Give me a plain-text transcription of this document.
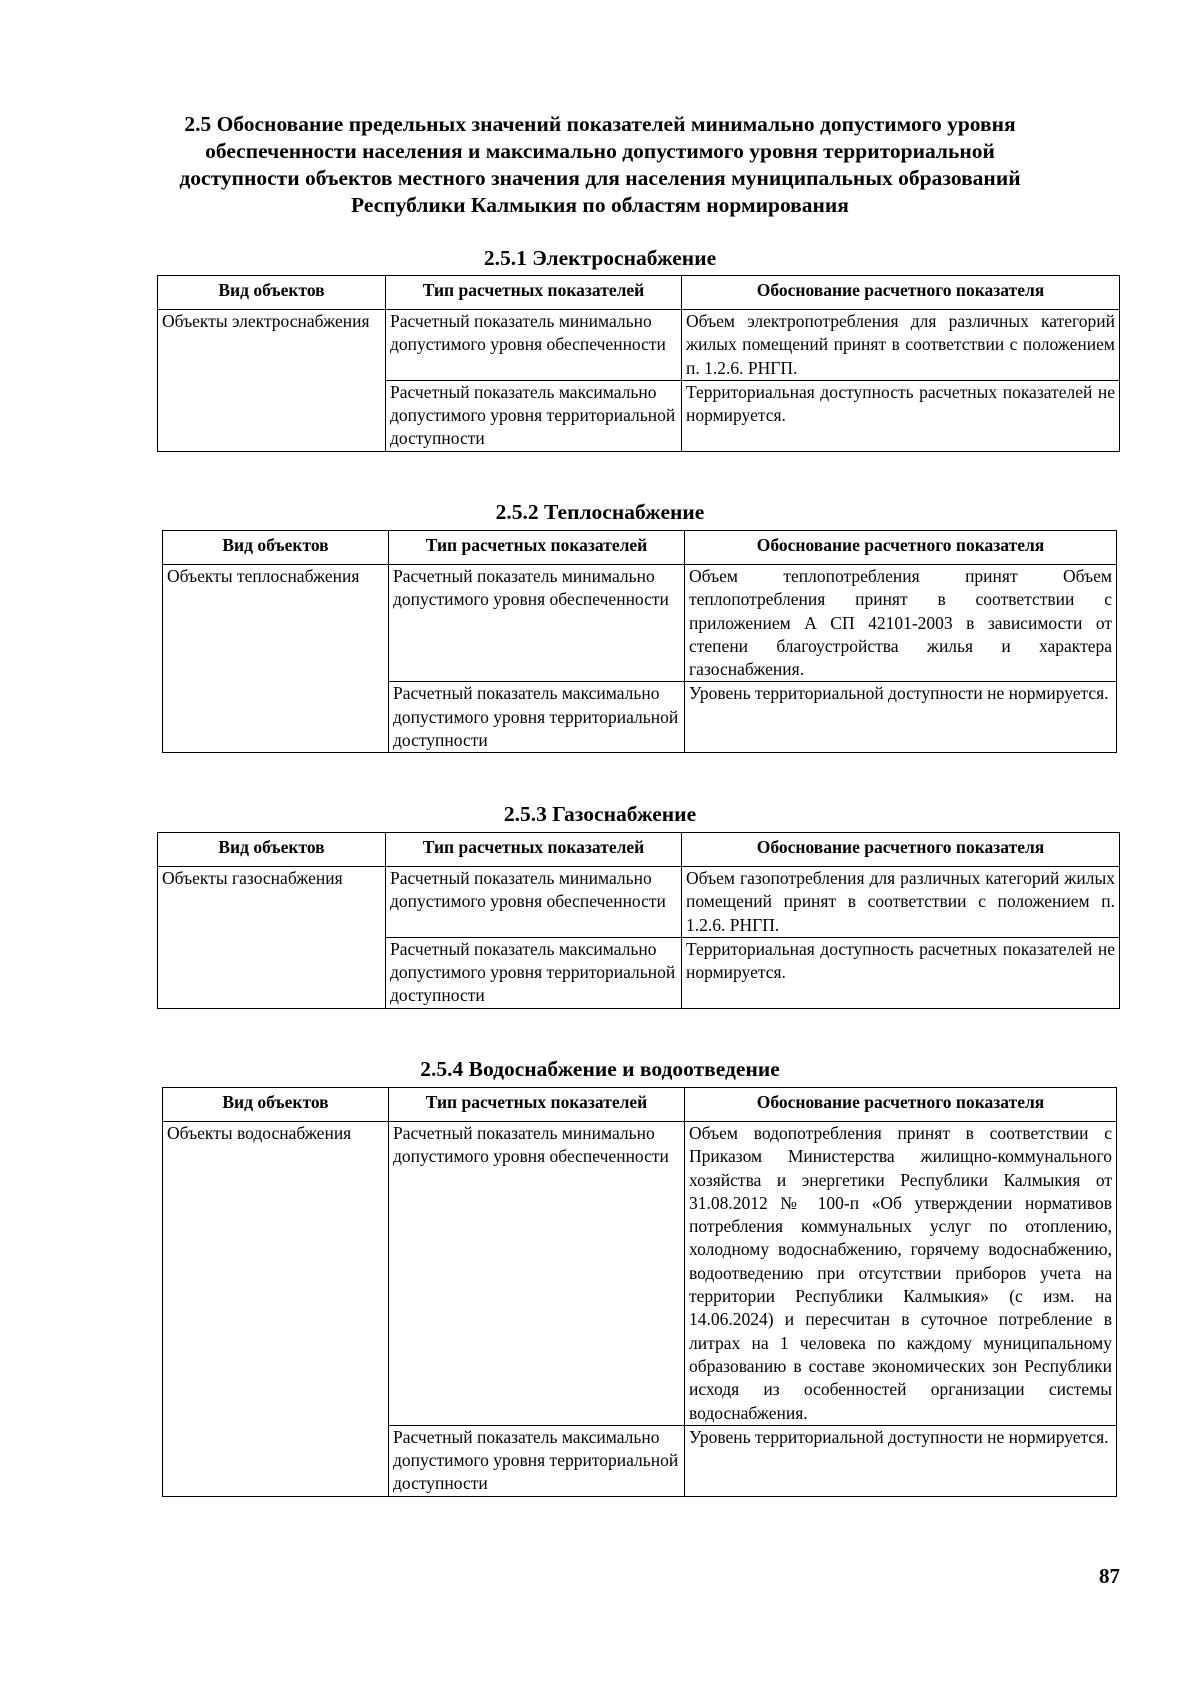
2.5 Обоснование предельных значений показателей минимально допустимого уровня обеспеченности населения и максимально допустимого уровня территориальной доступности объектов местного значения для населения муниципальных образований Республики Калмыкия по областям нормирования
2.5.1 Электроснабжение
Вид объектов	Тип расчетных показателей	Обоснование расчетного показателя
Объекты электроснабжения	Расчетный показатель минимально допустимого уровня обеспеченности	Объем электропотребления для различных категорий жилых помещений принят в соответствии с положением п. 1.2.6. РНГП.
	Расчетный показатель максимально допустимого уровня территориальной доступности	Территориальная доступность расчетных показателей не нормируется.
2.5.2 Теплоснабжение
Вид объектов	Тип расчетных показателей	Обоснование расчетного показателя
Объекты теплоснабжения	Расчетный показатель минимально допустимого уровня обеспеченности	Объем теплопотребления принят Объем теплопотребления принят в соответствии с приложением А СП 42101-2003 в зависимости от степени благоустройства жилья и характера газоснабжения.
	Расчетный показатель максимально допустимого уровня территориальной доступности	Уровень территориальной доступности не нормируется.
2.5.3 Газоснабжение
Вид объектов	Тип расчетных показателей	Обоснование расчетного показателя
Объекты газоснабжения	Расчетный показатель минимально допустимого уровня обеспеченности	Объем газопотребления для различных категорий жилых помещений принят в соответствии с положением п. 1.2.6. РНГП.
	Расчетный показатель максимально допустимого уровня территориальной доступности	Территориальная доступность расчетных показателей не нормируется.
2.5.4 Водоснабжение и водоотведение
Вид объектов	Тип расчетных показателей	Обоснование расчетного показателя
Объекты водоснабжения	Расчетный показатель минимально допустимого уровня обеспеченности	Объем водопотребления принят в соответствии с Приказом Министерства жилищно-коммунального хозяйства и энергетики Республики Калмыкия от 31.08.2012 № 100-п «Об утверждении нормативов потребления коммунальных услуг по отоплению, холодному водоснабжению, горячему водоснабжению, водоотведению при отсутствии приборов учета на территории Республики Калмыкия» (с изм. на 14.06.2024) и пересчитан в суточное потребление в литрах на 1 человека по каждому муниципальному образованию в составе экономических зон Республики исходя из особенностей организации системы водоснабжения.
	Расчетный показатель максимально допустимого уровня территориальной доступности	Уровень территориальной доступности не нормируется.
87
